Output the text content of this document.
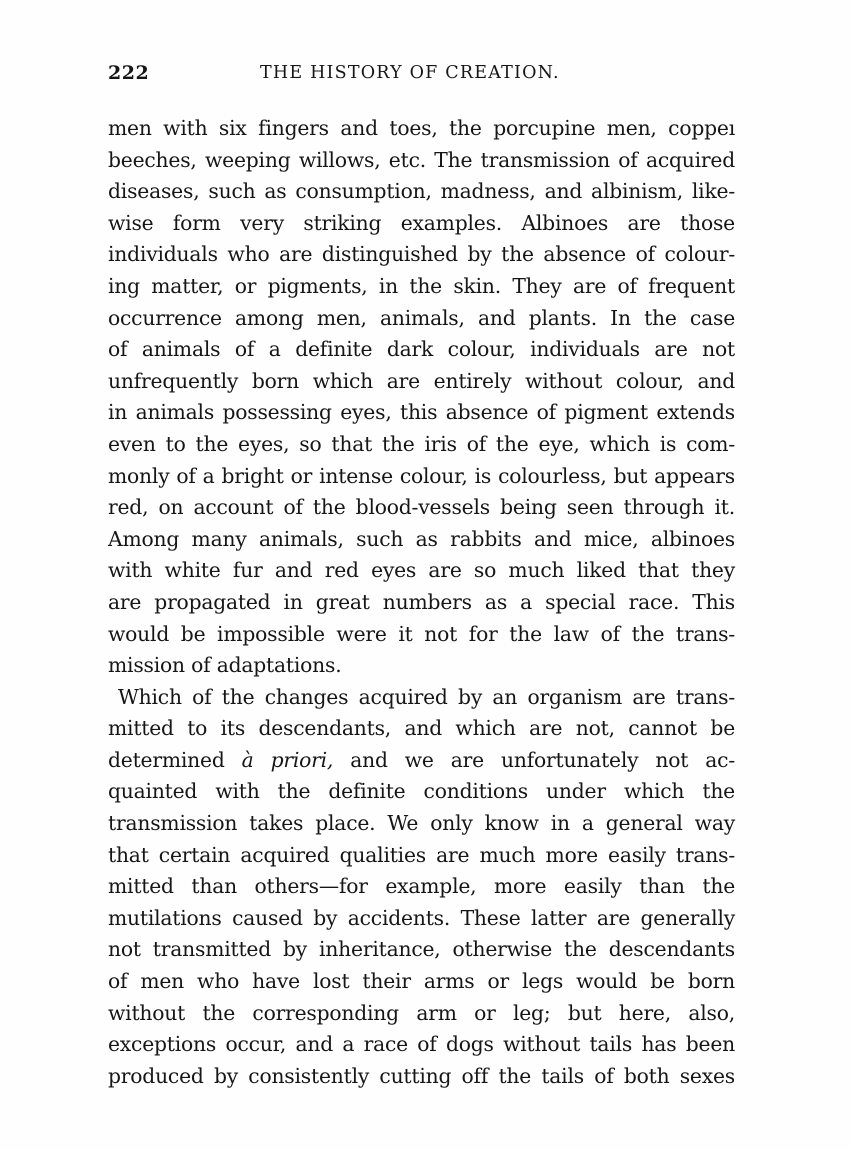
222	THE HISTORY OF CREATION.
men with six fingers and toes, the porcupine men, coppeı
beeches, weeping willows, etc. The transmission of acquired
diseases, such as consumption, madness, and albinism, like-
wise form very striking examples. Albinoes are those
individuals who are distinguished by the absence of colour-
ing matter, or pigments, in the skin. They are of frequent
occurrence among men, animals, and plants. In the case
of animals of a definite dark colour, individuals are not
unfrequently born which are entirely without colour, and
in animals possessing eyes, this absence of pigment extends
even to the eyes, so that the iris of the eye, which is com-
monly of a bright or intense colour, is colourless, but appears
red, on account of the blood-vessels being seen through it.
Among many animals, such as rabbits and mice, albinoes
with white fur and red eyes are so much liked that they
are propagated in great numbers as a special race. This
would be impossible were it not for the law of the trans-
mission of adaptations.
Which of the changes acquired by an organism are trans-
mitted to its descendants, and which are not, cannot be
determined à priori, and we are unfortunately not ac-
quainted with the definite conditions under which the
transmission takes place. We only know in a general way
that certain acquired qualities are much more easily trans-
mitted than others—for example, more easily than the
mutilations caused by accidents. These latter are generally
not transmitted by inheritance, otherwise the descendants
of men who have lost their arms or legs would be born
without the corresponding arm or leg; but here, also,
exceptions occur, and a race of dogs without tails has been
produced by consistently cutting off the tails of both sexes
